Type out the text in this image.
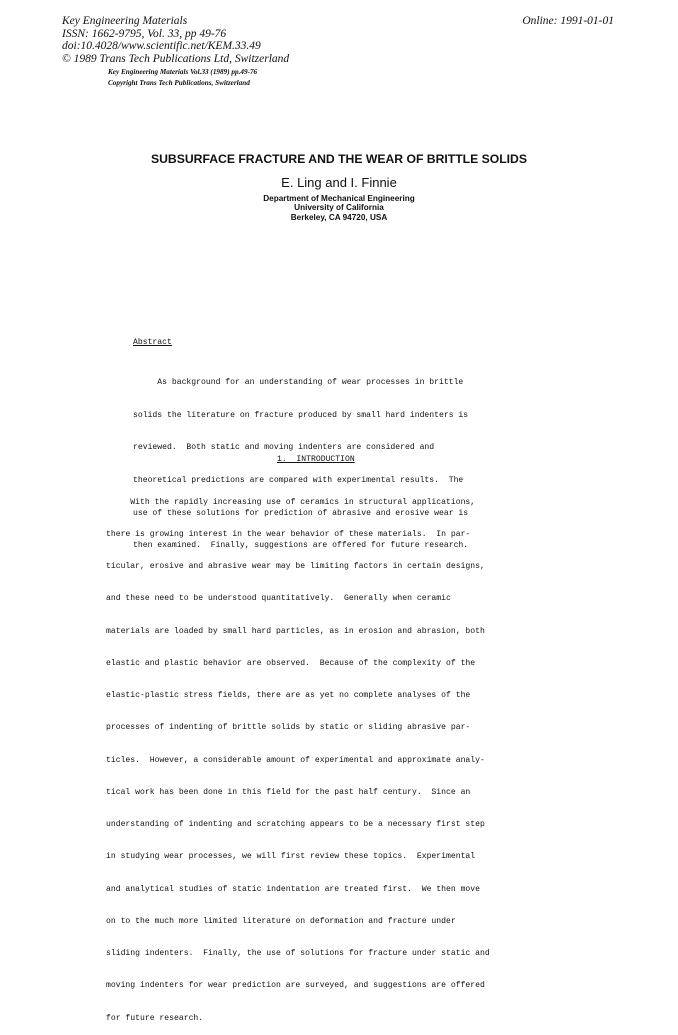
Key Engineering Materials
ISSN: 1662-9795, Vol. 33, pp 49-76
doi:10.4028/www.scientific.net/KEM.33.49
© 1989 Trans Tech Publications Ltd, Switzerland
Online: 1991-01-01
Key Engineering Materials Vol.33 (1989) pp.49-76
Copyright Trans Tech Publications, Switzerland
SUBSURFACE FRACTURE AND THE WEAR OF BRITTLE SOLIDS
E. Ling and I. Finnie
Department of Mechanical Engineering
University of California
Berkeley, CA 94720, USA
Abstract

As background for an understanding of wear processes in brittle

solids the literature on fracture produced by small hard indenters is

reviewed.  Both static and moving indenters are considered and

theoretical predictions are compared with experimental results.  The

use of these solutions for prediction of abrasive and erosive wear is

then examined.  Finally, suggestions are offered for future research.

1.  INTRODUCTION

With the rapidly increasing use of ceramics in structural applications,

there is growing interest in the wear behavior of these materials.  In par-

ticular, erosive and abrasive wear may be limiting factors in certain designs,

and these need to be understood quantitatively.  Generally when ceramic

materials are loaded by small hard particles, as in erosion and abrasion, both

elastic and plastic behavior are observed.  Because of the complexity of the

elastic-plastic stress fields, there are as yet no complete analyses of the

processes of indenting of brittle solids by static or sliding abrasive par-

ticles.  However, a considerable amount of experimental and approximate analy-

tical work has been done in this field for the past half century.  Since an

understanding of indenting and scratching appears to be a necessary first step

in studying wear processes, we will first review these topics.  Experimental

and analytical studies of static indentation are treated first.  We then move

on to the much more limited literature on deformation and fracture under

sliding indenters.  Finally, the use of solutions for fracture under static and

moving indenters for wear prediction are surveyed, and suggestions are offered

for future research.
